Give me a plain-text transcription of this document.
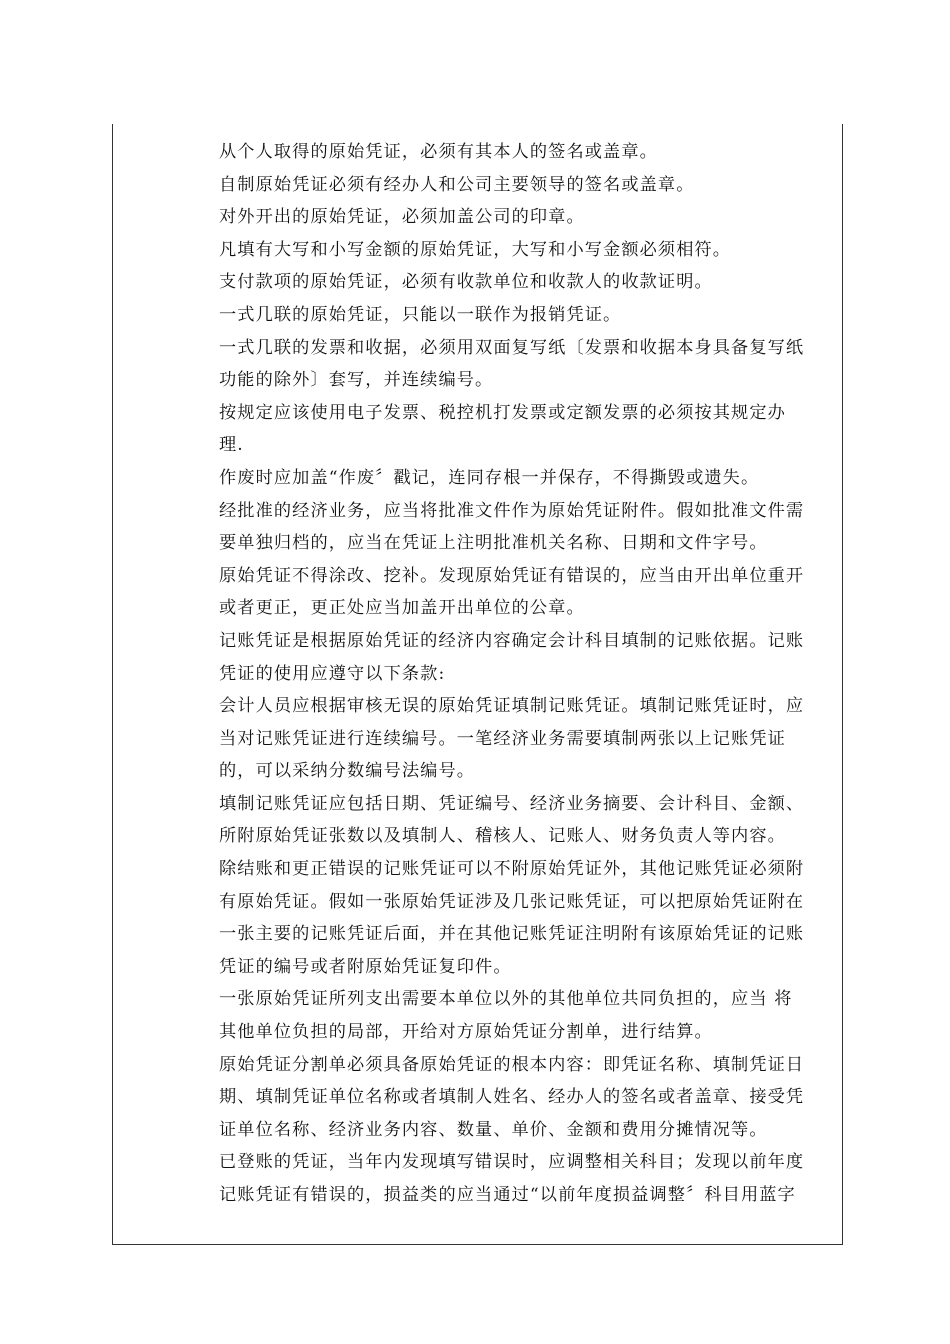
从个人取得的原始凭证，必须有其本人的签名或盖章。
自制原始凭证必须有经办人和公司主要领导的签名或盖章。
对外开出的原始凭证，必须加盖公司的印章。
凡填有大写和小写金额的原始凭证，大写和小写金额必须相符。
支付款项的原始凭证，必须有收款单位和收款人的收款证明。
一式几联的原始凭证，只能以一联作为报销凭证。
一式几联的发票和收据，必须用双面复写纸〔发票和收据本身具备复写纸
功能的除外〕套写，并连续编号。
按规定应该使用电子发票、税控机打发票或定额发票的必须按其规定办
理.
作废时应加盖“作废〞戳记，连同存根一并保存，不得撕毁或遗失。
经批准的经济业务，应当将批准文件作为原始凭证附件。假如批准文件需
要单独归档的，应当在凭证上注明批准机关名称、日期和文件字号。
原始凭证不得涂改、挖补。发现原始凭证有错误的，应当由开出单位重开
或者更正，更正处应当加盖开出单位的公章。
记账凭证是根据原始凭证的经济内容确定会计科目填制的记账依据。记账
凭证的使用应遵守以下条款:
会计人员应根据审核无误的原始凭证填制记账凭证。填制记账凭证时，应
当对记账凭证进行连续编号。一笔经济业务需要填制两张以上记账凭证
的，可以采纳分数编号法编号。
填制记账凭证应包括日期、凭证编号、经济业务摘要、会计科目、金额、
所附原始凭证张数以及填制人、稽核人、记账人、财务负责人等内容。
除结账和更正错误的记账凭证可以不附原始凭证外，其他记账凭证必须附
有原始凭证。假如一张原始凭证涉及几张记账凭证，可以把原始凭证附在
一张主要的记账凭证后面，并在其他记账凭证注明附有该原始凭证的记账
凭证的编号或者附原始凭证复印件。
一张原始凭证所列支出需要本单位以外的其他单位共同负担的，应当 将
其他单位负担的局部，开给对方原始凭证分割单，进行结算。
原始凭证分割单必须具备原始凭证的根本内容：即凭证名称、填制凭证日
期、填制凭证单位名称或者填制人姓名、经办人的签名或者盖章、接受凭
证单位名称、经济业务内容、数量、单价、金额和费用分摊情况等。
已登账的凭证，当年内发现填写错误时，应调整相关科目；发现以前年度
记账凭证有错误的，损益类的应当通过“以前年度损益调整〞科目用蓝字
